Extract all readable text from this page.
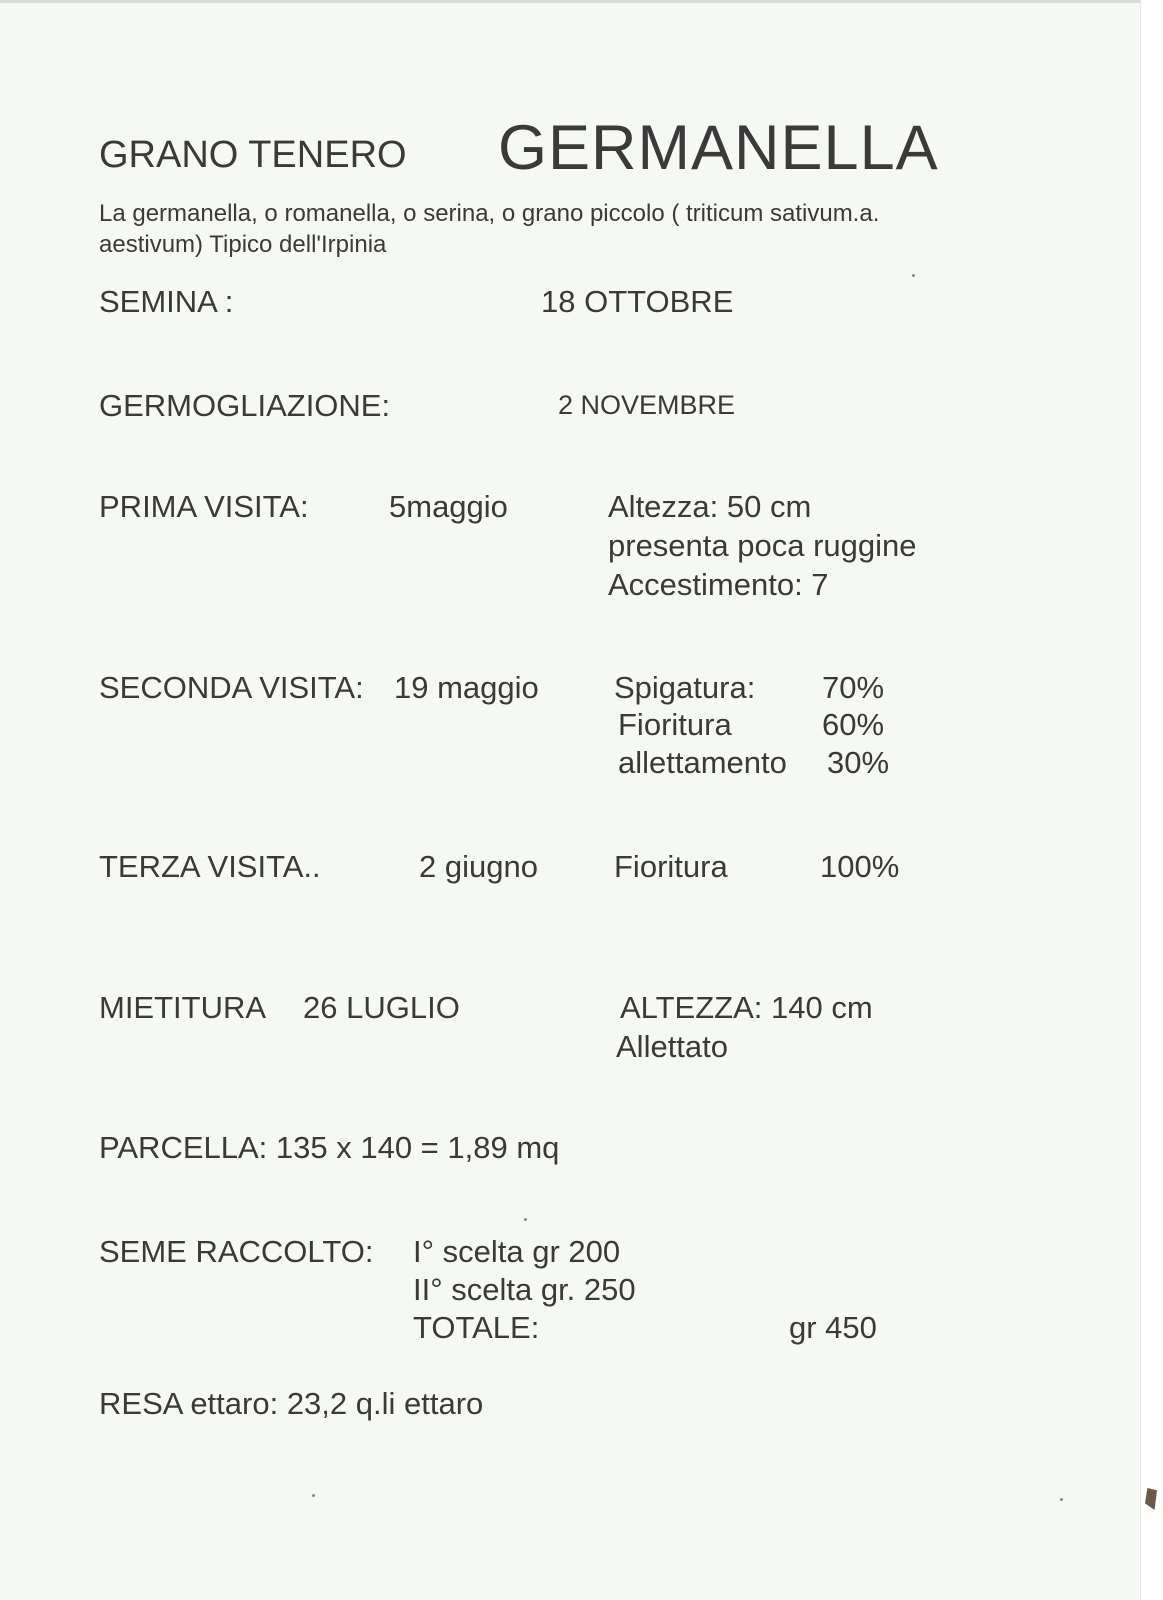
GRANO TENERO GERMANELLA

La germanella, o romanella, o serina, o grano piccolo ( triticum sativum.a.

aestivum) Tipico dell'Irpinia

SEMINA :	18 OTTOBRE

GERMOGLIAZIONE:	2 NOVEMBRE

PRIMA VISITA:	5maggio	Altezza: 50 cm

presenta poca ruggine

Accestimento: 7

SECONDA VISITA: 19 maggio Spigatura: 70%

Fioritura	60%

allettamento 30%

TERZA VISITA..	2 giugno Fioritura	100%

MIETITURA 26 LUGLIO	ALTEZZA: 140 cm

Allettato

PARCELLA: 135 x 140 = 1,89 mq

SEME RACCOLTO: I° scelta gr 200

II° scelta gr. 250

TOTALE:	gr 450

RESA ettaro: 23,2 q.li ettaro
